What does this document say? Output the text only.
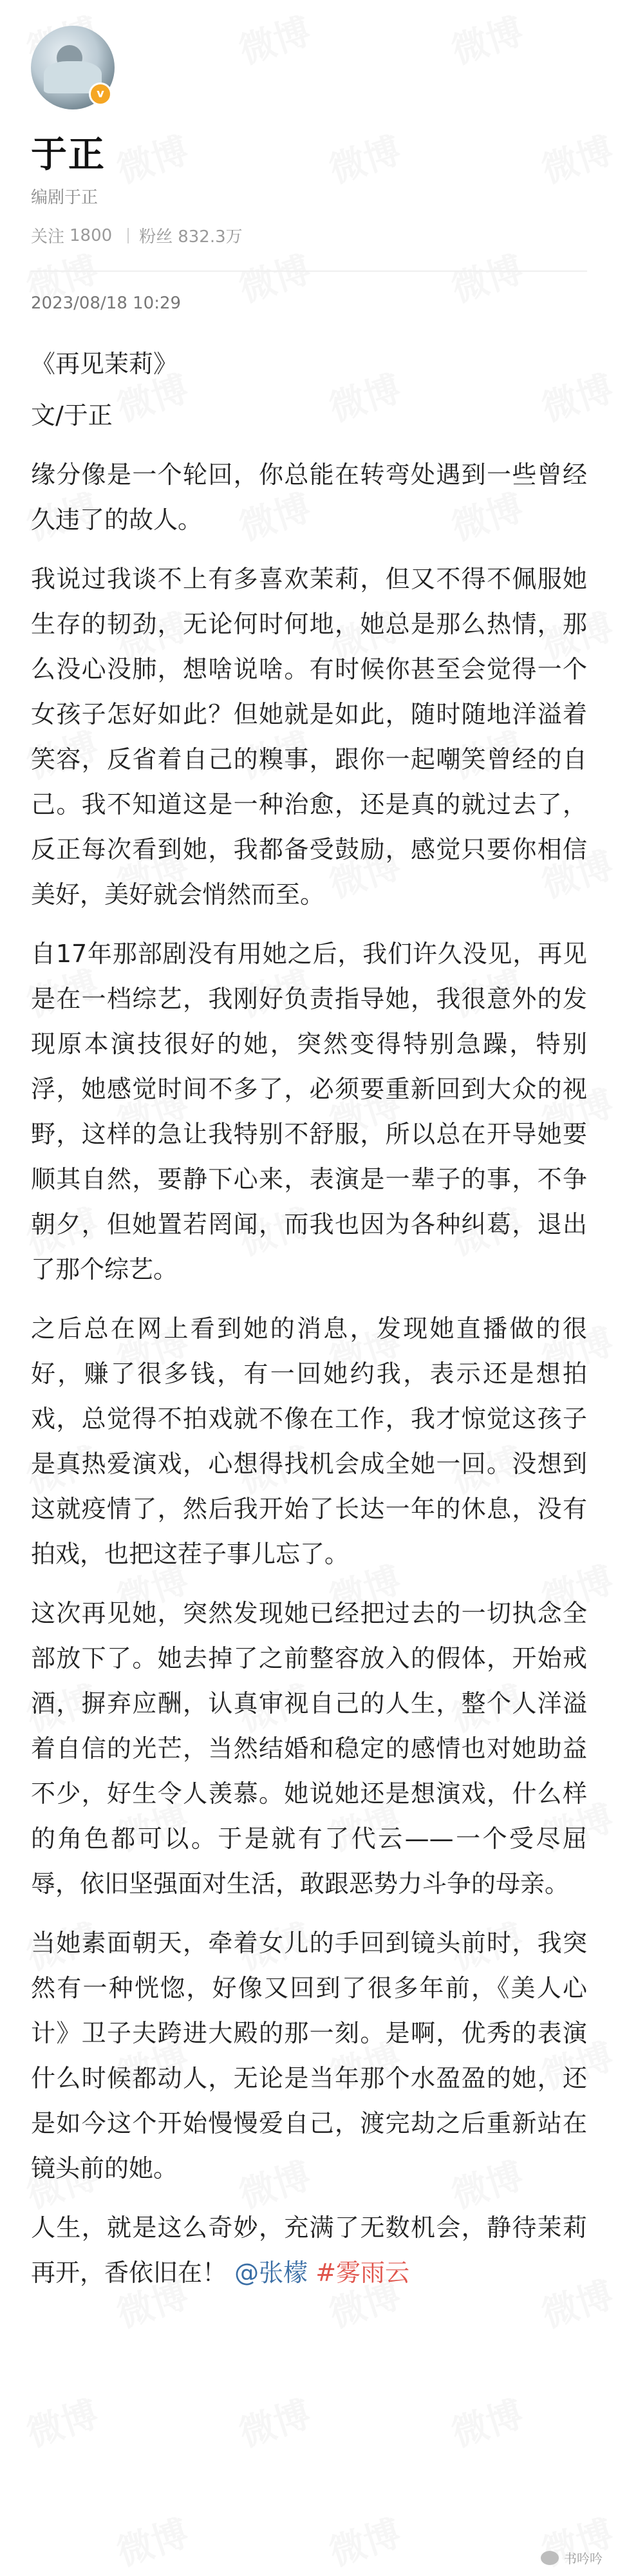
v
于正
编剧于正
关注 1800 粉丝 832.3万
2023/08/18 10:29

《再见茉莉》

文/于正

缘分像是一个轮回，你总能在转弯处遇到一些曾经久违了的故人。

我说过我谈不上有多喜欢茉莉，但又不得不佩服她生存的韧劲，无论何时何地，她总是那么热情，那么没心没肺，想啥说啥。有时候你甚至会觉得一个女孩子怎好如此？但她就是如此，随时随地洋溢着笑容，反省着自己的糗事，跟你一起嘲笑曾经的自己。我不知道这是一种治愈，还是真的就过去了，反正每次看到她，我都备受鼓励，感觉只要你相信美好，美好就会悄然而至。

自17年那部剧没有用她之后，我们许久没见，再见是在一档综艺，我刚好负责指导她，我很意外的发现原本演技很好的她，突然变得特别急躁，特别浮，她感觉时间不多了，必须要重新回到大众的视野，这样的急让我特别不舒服，所以总在开导她要顺其自然，要静下心来，表演是一辈子的事，不争朝夕，但她置若罔闻，而我也因为各种纠葛，退出了那个综艺。

之后总在网上看到她的消息，发现她直播做的很好，赚了很多钱，有一回她约我，表示还是想拍戏，总觉得不拍戏就不像在工作，我才惊觉这孩子是真热爱演戏，心想得找机会成全她一回。没想到这就疫情了，然后我开始了长达一年的休息，没有拍戏，也把这茬子事儿忘了。

这次再见她，突然发现她已经把过去的一切执念全部放下了。她去掉了之前整容放入的假体，开始戒酒，摒弃应酬，认真审视自己的人生，整个人洋溢着自信的光芒，当然结婚和稳定的感情也对她助益不少，好生令人羡慕。她说她还是想演戏，什么样的角色都可以。于是就有了代云——一个受尽屈辱，依旧坚强面对生活，敢跟恶势力斗争的母亲。

当她素面朝天，牵着女儿的手回到镜头前时，我突然有一种恍惚，好像又回到了很多年前，《美人心计》卫子夫跨进大殿的那一刻。是啊，优秀的表演什么时候都动人，无论是当年那个水盈盈的她，还是如今这个开始慢慢爱自己，渡完劫之后重新站在镜头前的她。

人生，就是这么奇妙，充满了无数机会，静待茉莉再开，香依旧在！ @张檬 #雾雨云

书吟吟
